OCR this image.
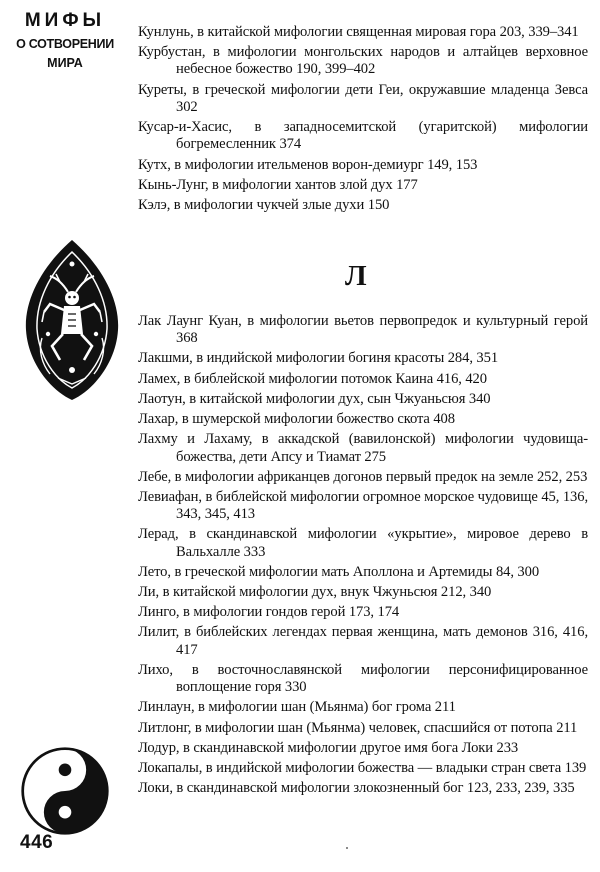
МИФЫ
О СОТВОРЕНИИ
МИРА
Кунлунь, в китайской мифологии священная мировая гора 203, 339–341
Курбустан, в мифологии монгольских народов и алтайцев верховное небесное божество 190, 399–402
Куреты, в греческой мифологии дети Геи, окружавшие младенца Зевса 302
Кусар-и-Хасис, в западносемитской (угаритской) мифологии богремесленник 374
Кутх, в мифологии ительменов ворон-демиург 149, 153
Кынь-Лунг, в мифологии хантов злой дух 177
Кэлэ, в мифологии чукчей злые духи 150
Л
Лак Лаунг Куан, в мифологии вьетов первопредок и культурный герой 368
Лакшми, в индийской мифологии богиня красоты 284, 351
Ламех, в библейской мифологии потомок Каина 416, 420
Лаотун, в китайской мифологии дух, сын Чжуаньсюя 340
Лахар, в шумерской мифологии божество скота 408
Лахму и Лахаму, в аккадской (вавилонской) мифологии чудовища-божества, дети Апсу и Тиамат 275
Лебе, в мифологии африканцев догонов первый предок на земле 252, 253
Левиафан, в библейской мифологии огромное морское чудовище 45, 136, 343, 345, 413
Лерад, в скандинавской мифологии «укрытие», мировое дерево в Вальхалле 333
Лето, в греческой мифологии мать Аполлона и Артемиды 84, 300
Ли, в китайской мифологии дух, внук Чжуньсюя 212, 340
Линго, в мифологии гондов герой 173, 174
Лилит, в библейских легендах первая женщина, мать демонов 316, 416, 417
Лихо, в восточнославянской мифологии персонифицированное воплощение горя 330
Линлаун, в мифологии шан (Мьянма) бог грома 211
Литлонг, в мифологии шан (Мьянма) человек, спасшийся от потопа 211
Лодур, в скандинавской мифологии другое имя бога Локи 233
Локапалы, в индийской мифологии божества — владыки стран света 139
Локи, в скандинавской мифологии злокозненный бог 123, 233, 239, 335
446
